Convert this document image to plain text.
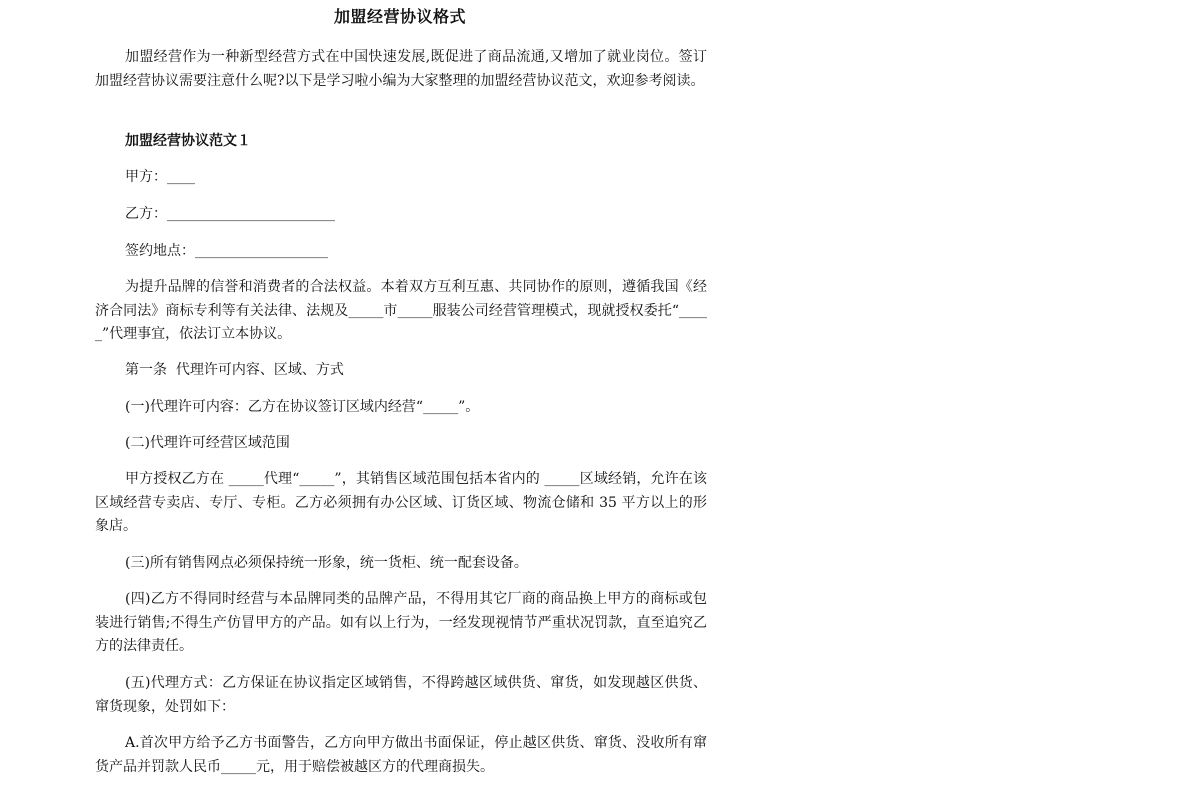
加盟经营协议格式
加盟经营作为一种新型经营方式在中国快速发展,既促进了商品流通,又增加了就业岗位。签订加盟经营协议需要注意什么呢?以下是学习啦小编为大家整理的加盟经营协议范文，欢迎参考阅读。
加盟经营协议范文１
甲方：____
乙方：________________________
签约地点：___________________
为提升品牌的信誉和消费者的合法权益。本着双方互利互惠、共同协作的原则，遵循我国《经济合同法》商标专利等有关法律、法规及_____市_____服装公司经营管理模式，现就授权委托“_____”代理事宜，依法订立本协议。
第一条  代理许可内容、区域、方式
(一)代理许可内容：乙方在协议签订区域内经营“_____”。
(二)代理许可经营区域范围
甲方授权乙方在 _____代理“_____”，其销售区域范围包括本省内的 _____区域经销，允许在该区域经营专卖店、专厅、专柜。乙方必须拥有办公区域、订货区域、物流仓储和 35 平方以上的形象店。
(三)所有销售网点必须保持统一形象，统一货柜、统一配套设备。
(四)乙方不得同时经营与本品牌同类的品牌产品，不得用其它厂商的商品换上甲方的商标或包装进行销售;不得生产仿冒甲方的产品。如有以上行为，一经发现视情节严重状况罚款，直至追究乙方的法律责任。
(五)代理方式：乙方保证在协议指定区域销售，不得跨越区域供货、窜货，如发现越区供货、窜货现象，处罚如下：
A.首次甲方给予乙方书面警告，乙方向甲方做出书面保证，停止越区供货、窜货、没收所有窜货产品并罚款人民币_____元，用于赔偿被越区方的代理商损失。
